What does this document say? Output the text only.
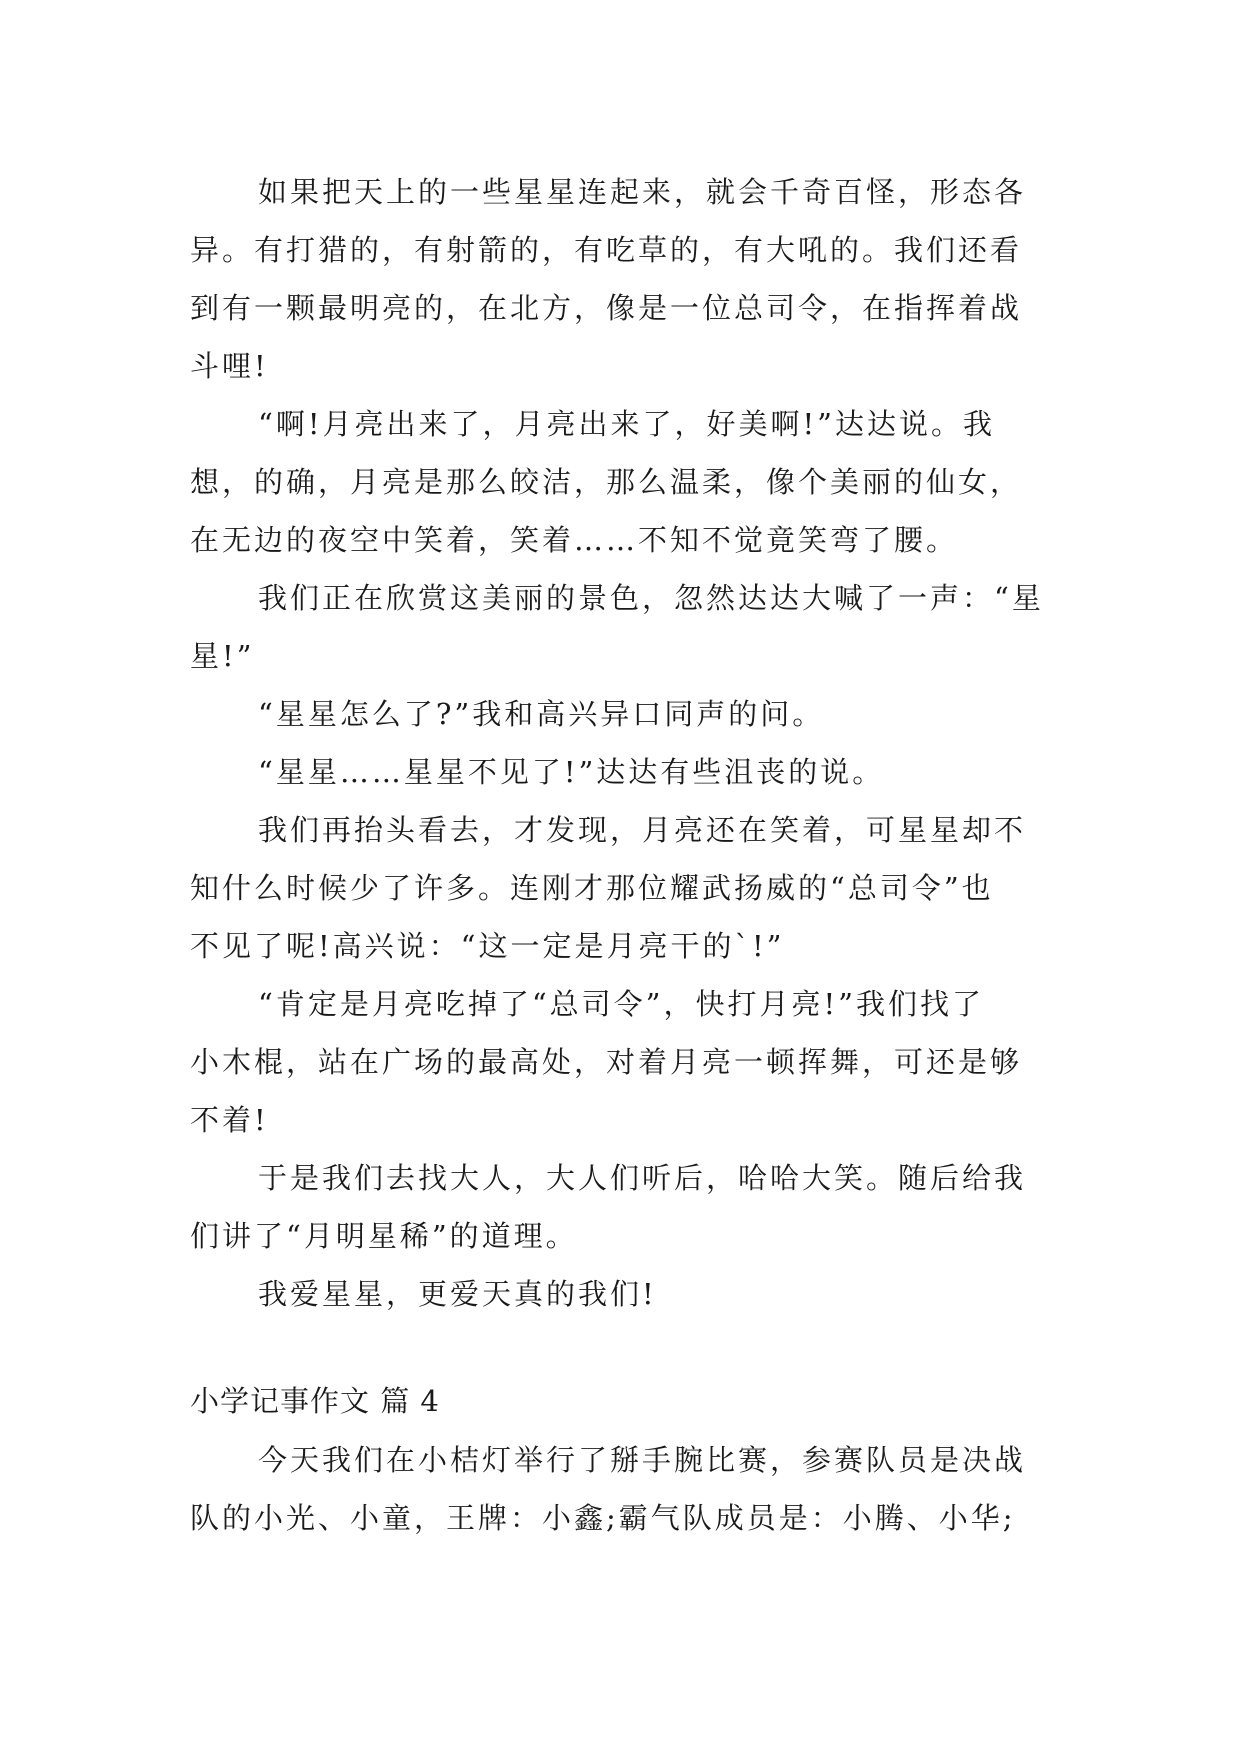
如果把天上的一些星星连起来，就会千奇百怪，形态各
异。有打猎的，有射箭的，有吃草的，有大吼的。我们还看
到有一颗最明亮的，在北方，像是一位总司令，在指挥着战
斗哩!
“啊!月亮出来了，月亮出来了，好美啊!”达达说。我
想，的确，月亮是那么皎洁，那么温柔，像个美丽的仙女，
在无边的夜空中笑着，笑着……不知不觉竟笑弯了腰。
我们正在欣赏这美丽的景色，忽然达达大喊了一声：“星
星!”
“星星怎么了?”我和高兴异口同声的问。
“星星……星星不见了!”达达有些沮丧的说。
我们再抬头看去，才发现，月亮还在笑着，可星星却不
知什么时候少了许多。连刚才那位耀武扬威的“总司令”也
不见了呢!高兴说：“这一定是月亮干的`!”
“肯定是月亮吃掉了“总司令”，快打月亮!”我们找了
小木棍，站在广场的最高处，对着月亮一顿挥舞，可还是够
不着!
于是我们去找大人，大人们听后，哈哈大笑。随后给我
们讲了“月明星稀”的道理。
我爱星星，更爱天真的我们!
小学记事作文 篇 4
今天我们在小桔灯举行了掰手腕比赛，参赛队员是决战
队的小光、小童，王牌：小鑫;霸气队成员是：小腾、小华;
